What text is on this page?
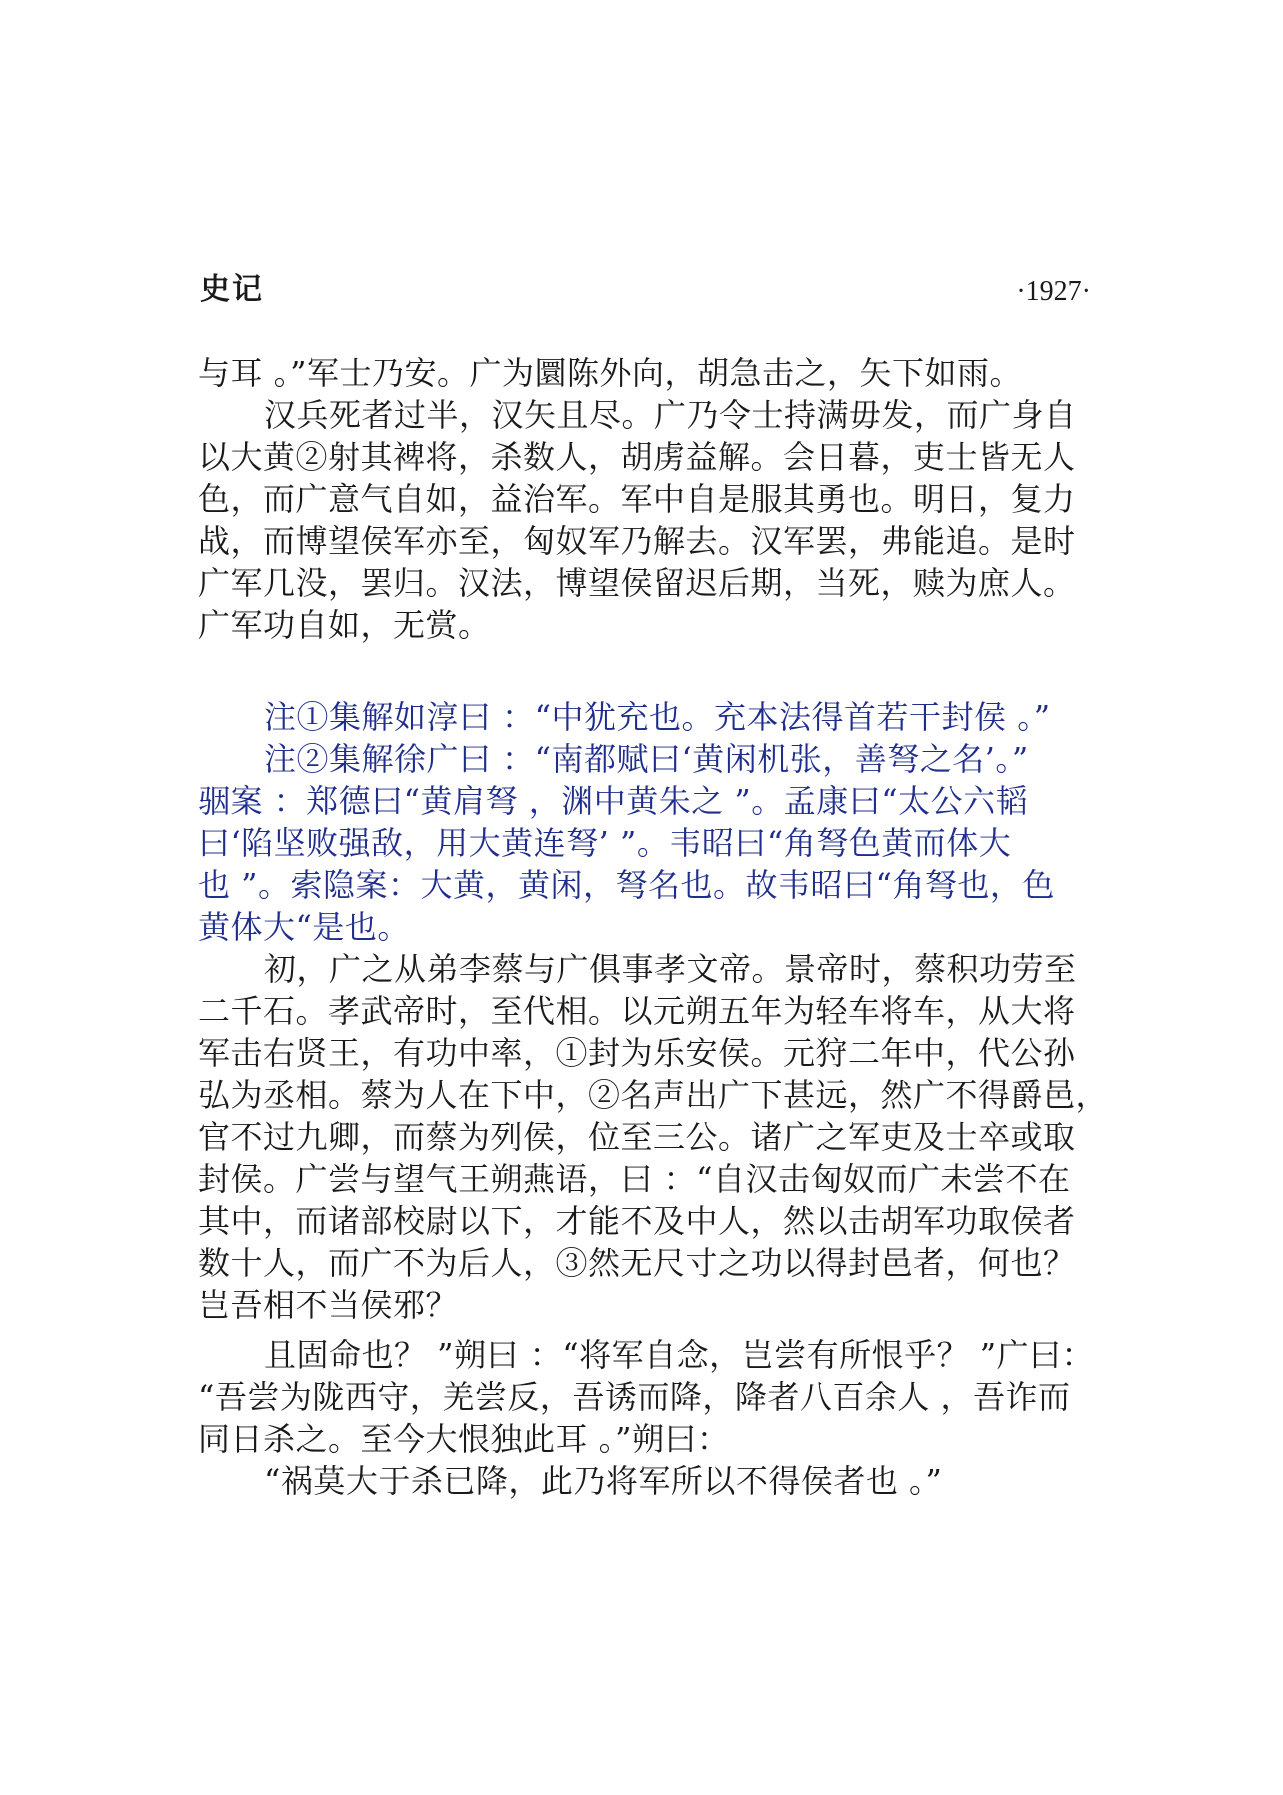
史记	·1927·
与耳 。”军士乃安。广为圜陈外向，胡急击之，矢下如雨。
汉兵死者过半，汉矢且尽。广乃令士持满毋发，而广身自
以大黄②射其裨将，杀数人，胡虏益解。会日暮，吏士皆无人
色，而广意气自如，益治军。军中自是服其勇也。明日，复力
战，而博望侯军亦至，匈奴军乃解去。汉军罢，弗能追。是时
广军几没，罢归。汉法，博望侯留迟后期，当死，赎为庶人。
广军功自如，无赏。
注①集解如淳曰 ：“中犹充也。充本法得首若干封侯 。”
注②集解徐广曰 ：“南都赋曰‘黄闲机张，善弩之名’。”
骃案 ：郑德曰“黄肩弩 ，渊中黄朱之 ”。孟康曰“太公六韬
曰‘陷坚败强敌，用大黄连弩’ ”。韦昭曰“角弩色黄而体大
也 ”。索隐案：大黄，黄闲，弩名也。故韦昭曰“角弩也，色
黄体大“是也。
初，广之从弟李蔡与广俱事孝文帝。景帝时，蔡积功劳至
二千石。孝武帝时，至代相。以元朔五年为轻车将车，从大将
军击右贤王，有功中率，①封为乐安侯。元狩二年中，代公孙
弘为丞相。蔡为人在下中，②名声出广下甚远，然广不得爵邑，
官不过九卿，而蔡为列侯，位至三公。诸广之军吏及士卒或取
封侯。广尝与望气王朔燕语，曰 ：“自汉击匈奴而广未尝不在
其中，而诸部校尉以下，才能不及中人，然以击胡军功取侯者
数十人，而广不为后人，③然无尺寸之功以得封邑者，何也？
岂吾相不当侯邪？
且固命也？ ”朔曰 ：“将军自念，岂尝有所恨乎？ ”广曰：
“吾尝为陇西守，羌尝反，吾诱而降，降者八百余人 ，吾诈而
同日杀之。至今大恨独此耳 。”朔曰：
“祸莫大于杀已降，此乃将军所以不得侯者也 。”
